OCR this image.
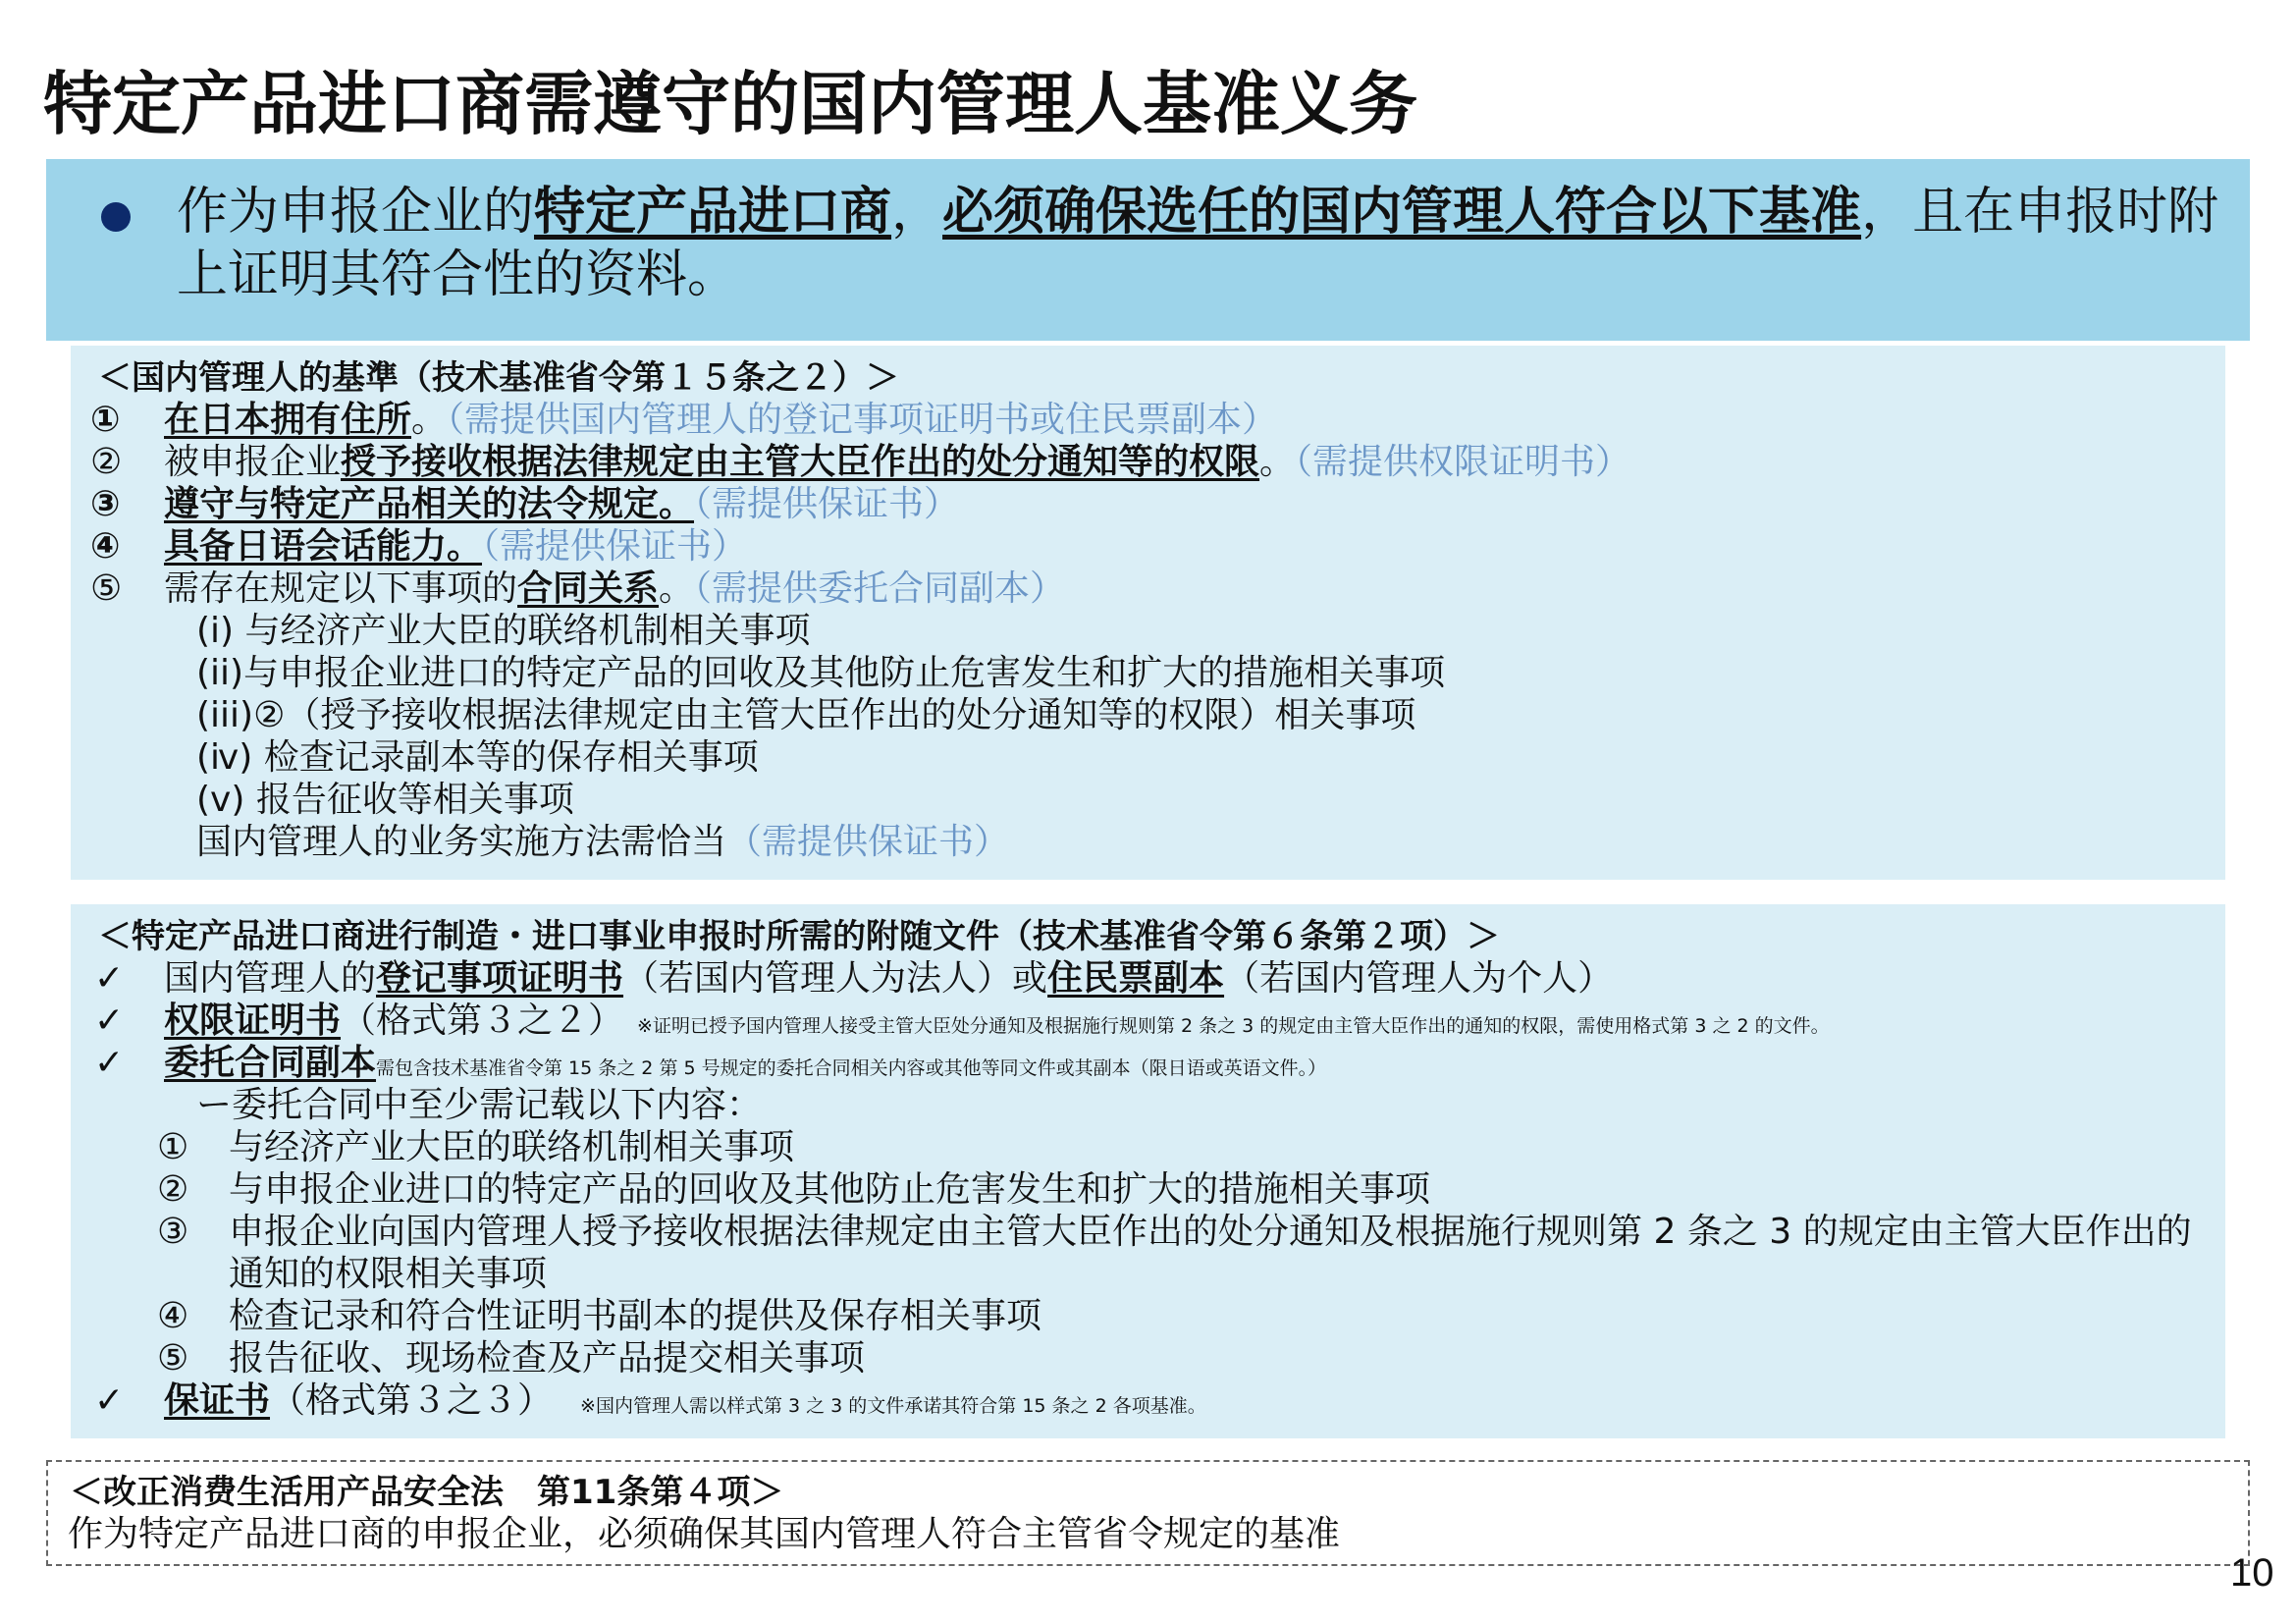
特定产品进口商需遵守的国内管理人基准义务
作为申报企业的特定产品进口商，必须确保选任的国内管理人符合以下基准，且在申报时附上证明其符合性的资料。
＜国内管理人的基準（技术基准省令第１５条之２）＞
①	在日本拥有住所。（需提供国内管理人的登记事项证明书或住民票副本）
②	被申报企业授予接收根据法律规定由主管大臣作出的处分通知等的权限。（需提供权限证明书）
③	遵守与特定产品相关的法令规定。（需提供保证书）
④	具备日语会话能力。（需提供保证书）
⑤	需存在规定以下事项的合同关系。（需提供委托合同副本）
(i) 与经济产业大臣的联络机制相关事项
(ii)与申报企业进口的特定产品的回收及其他防止危害发生和扩大的措施相关事项
(iii)②（授予接收根据法律规定由主管大臣作出的处分通知等的权限）相关事项
(ⅳ) 检查记录副本等的保存相关事项
(ⅴ) 报告征收等相关事项
国内管理人的业务实施方法需恰当（需提供保证书）
＜特定产品进口商进行制造・进口事业申报时所需的附随文件（技术基准省令第６条第２项）＞
✓	国内管理人的登记事项证明书（若国内管理人为法人）或住民票副本（若国内管理人为个人）
✓	权限证明书（格式第３之２） ※证明已授予国内管理人接受主管大臣处分通知及根据施行规则第 2 条之 3 的规定由主管大臣作出的通知的权限，需使用格式第 3 之 2 的文件。
✓	委托合同副本需包含技术基准省令第 15 条之 2 第 5 号规定的委托合同相关内容或其他等同文件或其副本（限日语或英语文件。）
ー委托合同中至少需记载以下内容：
①	与经济产业大臣的联络机制相关事项
②	与申报企业进口的特定产品的回收及其他防止危害发生和扩大的措施相关事项
③	申报企业向国内管理人授予接收根据法律规定由主管大臣作出的处分通知及根据施行规则第 2 条之 3 的规定由主管大臣作出的
通知的权限相关事项
④	检查记录和符合性证明书副本的提供及保存相关事项
⑤	报告征收、现场检查及产品提交相关事项
✓	保证书（格式第３之３） ※国内管理人需以样式第 3 之 3 的文件承诺其符合第 15 条之 2 各项基准。
＜改正消费生活用产品安全法　第11条第４项＞
作为特定产品进口商的申报企业，必须确保其国内管理人符合主管省令规定的基准
10
